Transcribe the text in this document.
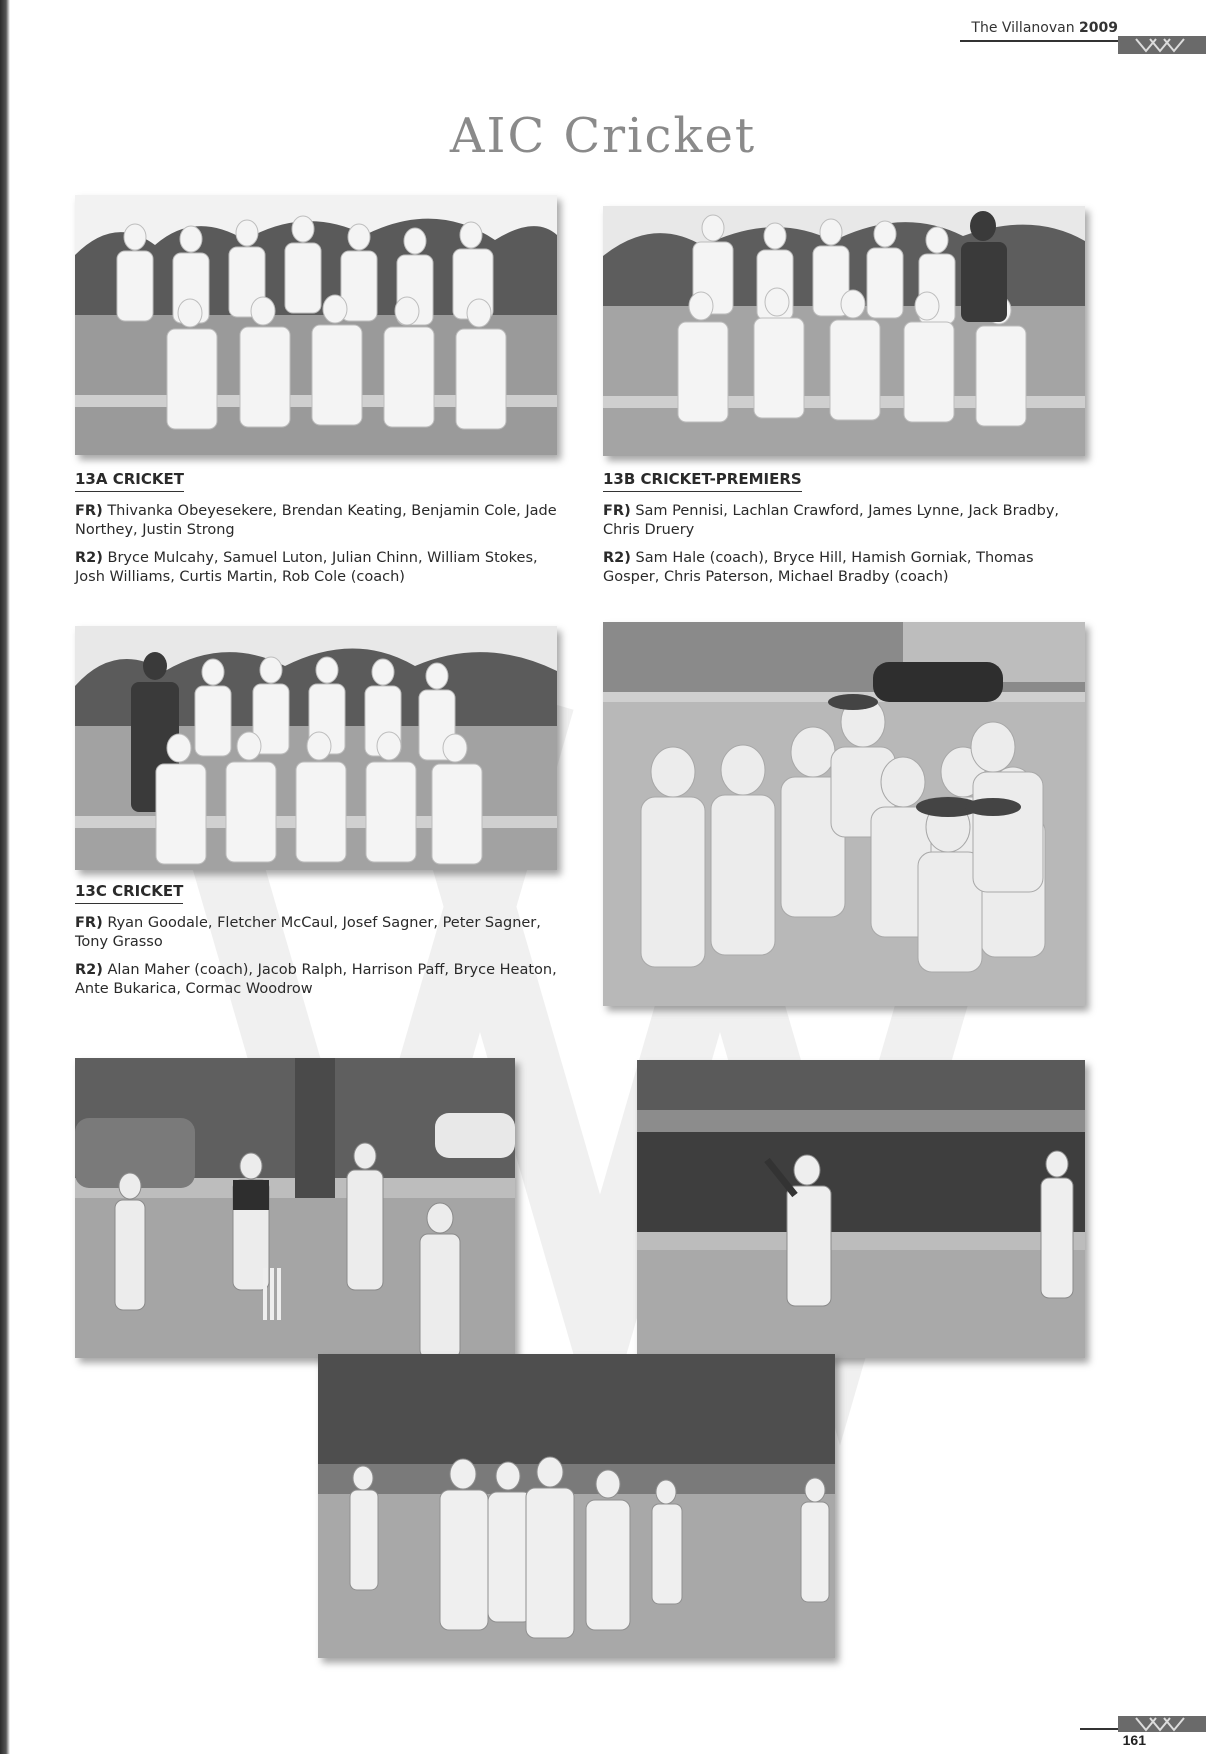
The Villanovan 2009
AIC Cricket
13A CRICKET

FR) Thivanka Obeyesekere, Brendan Keating, Benjamin Cole, Jade Northey, Justin Strong

R2) Bryce Mulcahy, Samuel Luton, Julian Chinn, William Stokes, Josh Williams, Curtis Martin, Rob Cole (coach)

13B CRICKET-PREMIERS

FR) Sam Pennisi, Lachlan Crawford, James Lynne, Jack Bradby, Chris Druery

R2) Sam Hale (coach), Bryce Hill, Hamish Gorniak, Thomas Gosper, Chris Paterson, Michael Bradby (coach)

13C CRICKET

FR) Ryan Goodale, Fletcher McCaul, Josef Sagner, Peter Sagner, Tony Grasso

R2) Alan Maher (coach), Jacob Ralph, Harrison Paff, Bryce Heaton, Ante Bukarica, Cormac Woodrow

161
